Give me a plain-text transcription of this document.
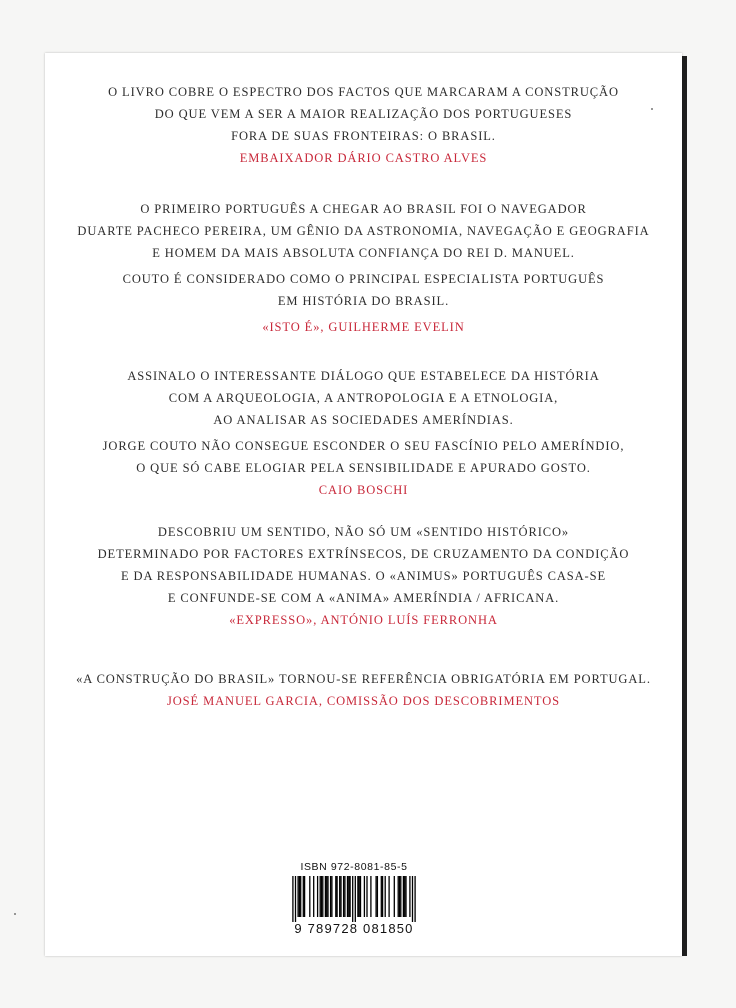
O LIVRO COBRE O ESPECTRO DOS FACTOS QUE MARCARAM A CONSTRUÇÃO

DO QUE VEM A SER A MAIOR REALIZAÇÃO DOS PORTUGUESES

FORA DE SUAS FRONTEIRAS: O BRASIL.

EMBAIXADOR DÁRIO CASTRO ALVES

O PRIMEIRO PORTUGUÊS A CHEGAR AO BRASIL FOI O NAVEGADOR

DUARTE PACHECO PEREIRA, UM GÊNIO DA ASTRONOMIA, NAVEGAÇÃO E GEOGRAFIA

E HOMEM DA MAIS ABSOLUTA CONFIANÇA DO REI D. MANUEL.

COUTO É CONSIDERADO COMO O PRINCIPAL ESPECIALISTA PORTUGUÊS

EM HISTÓRIA DO BRASIL.

«ISTO É», GUILHERME EVELIN

ASSINALO O INTERESSANTE DIÁLOGO QUE ESTABELECE DA HISTÓRIA

COM A ARQUEOLOGIA, A ANTROPOLOGIA E A ETNOLOGIA,

AO ANALISAR AS SOCIEDADES AMERÍNDIAS.

JORGE COUTO NÃO CONSEGUE ESCONDER O SEU FASCÍNIO PELO AMERÍNDIO,

O QUE SÓ CABE ELOGIAR PELA SENSIBILIDADE E APURADO GOSTO.

CAIO BOSCHI

DESCOBRIU UM SENTIDO, NÃO SÓ UM «SENTIDO HISTÓRICO»

DETERMINADO POR FACTORES EXTRÍNSECOS, DE CRUZAMENTO DA CONDIÇÃO

E DA RESPONSABILIDADE HUMANAS. O «ANIMUS» PORTUGUÊS CASA-SE

E CONFUNDE-SE COM A «ANIMA» AMERÍNDIA / AFRICANA.

«EXPRESSO», ANTÓNIO LUÍS FERRONHA

«A CONSTRUÇÃO DO BRASIL» TORNOU-SE REFERÊNCIA OBRIGATÓRIA EM PORTUGAL.

JOSÉ MANUEL GARCIA, COMISSÃO DOS DESCOBRIMENTOS

ISBN 972-8081-85-5
9 789728 081850
